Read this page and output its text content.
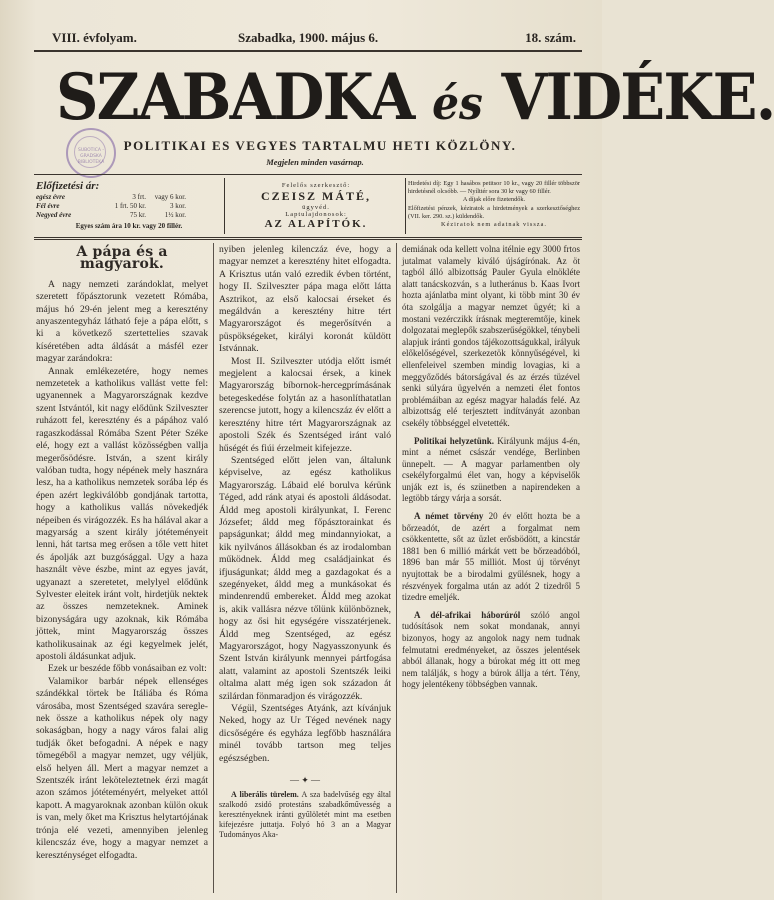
VIII. évfolyam.	Szabadka, 1900. május 6.	18. szám.
SZABADKA és VIDÉKE.
SUBOTICA - GRADSKA BIBLIOTEKA
POLITIKAI ES VEGYES TARTALMU HETI KÖZLÖNY.
Megjelen minden vasárnap.
Előfizetési ár:
egész évre	3 frt.	vagy 6 kor.
Fél évre	1 frt. 50 kr.	3 kor.
Negyed évre	75 kr.	1½ kor.
Egyes szám ára 10 kr. vagy 20 fillér.
Felelős szerkesztő:
CZEISZ MÁTÉ,
ügyvéd.
Laptulajdonosok:
AZ ALAPÍTÓK.
Hirdetési díj: Egy 1 hasábos petitsor 10 kr., vagy 20 fillér többször hirdetésnél olcsóbb. — Nyílttér sora 30 kr vagy 60 fillér.
A díjak előre fizetendők.
Előfizetési pénzek, kéziratok a hirdetmények a szerkesztőséghez (VII. ker. 290. sz.) küldendők.
Kéziratok nem adatnak vissza.
A pápa és a magyarok.

A nagy nemzeti zarándoklat, melyet szeretett főpásztorunk vezetett Rómába, május hó 29-én jelent meg a keresztény anyaszentegyház látható feje a pápa előtt, s ki a következő szertettelies szavak kíséretében adta áldását a másfél ezer magyar zarándokra:

Annak emlékezetére, hogy nemes nemzetetek a katholikus vallást vette fel: ugyanennek a Magyarországnak kezdve szent Istvántól, kit nagy elődünk Szilveszter ruházott fel, keresztény és a pápához való ragaszkodással Rómába Szent Péter Széke elé, hogy ezt a vallást közösségben vallja megerősödésre. István, a szent király valóban tudta, hogy népének mely hasznára lesz, ha a katholikus nemzetek sorába lép és épen azért legkiválóbb gondjának tartotta, hogy a katholikus vallás növekedjék népeiben és virágozzék. Es ha hálával akar a magyarság a szent király jótéteményeit lenni, hát tartsa meg erősen a tőle vett hitet és ápolják azt buzgósággal. Ugy a haza használt vève észbe, mint az egyes javát, ugyanazt a szeretetet, melylyel elődünk Sylvester eleitek iránt volt, hirdetjük nektek az összes nemzeteknek. Aminek bizonyságára ugy azoknak, kik Rómába jöttek, mint Magyarország összes katholikusainak az égi kegyelmek jelét, apostoli áldásunkat adjuk.

Ezek ur beszéde főbb vonásaiban ez volt:

Valamikor barbár népek ellenséges szándékkal törtek be Itáliába és Róma városába, most Szentséged szavára sereglenek össze a katholikus népek oly nagy sokaságban, hogy a nagy város falai alig tudják őket befogadni. A népek e nagy tömegéből a magyar nemzet, ugy véljük, első helyen áll. Mert a magyar nemzet a Szentszék iránt leköteleztetnek érzi magát azon számos jótéteményért, melyeket attól kapott. A magyaroknak azonban külön okuk is van, mely őket ma Krisztus helytartójának trónja elé vezeti, amennyiben jelenleg kilencszáz éve, hogy a magyar nemzet a kereszténységet elfogadta.

nyiben jelenleg kilenczáz éve, hogy a magyar nemzet a keresztény hitet elfogadta. A Krisztus után való ezredik évben történt, hogy II. Szilveszter pápa maga előtt látta Asztrikot, az első kalocsai érseket és megáldván a keresztény hitre tért Magyarországot és megerősítvén a püspökségeket, királyi koronát küldött Istvánnak.

Most II. Szilveszter utódja előtt ismét megjelent a kalocsai érsek, a kinek Magyarország bíbornok-hercegprímásának betegeskedése folytán az a hasonlíthatatlan szerencse jutott, hogy a kilencszáz év előtt a keresztény hitre tért Magyarországnak az apostoli Szék és Szentséged iránt való hűségét és fiúi érzelmeit kifejezze.

Szentséged előtt jelen van, általunk képviselve, az egész katholikus Magyarország. Lábaid elé borulva kérünk Téged, add ránk atyai és apostoli áldásodat. Áldd meg apostoli királyunkat, I. Ferenc Józsefet; áldd meg főpásztorainkat és papságunkat; áldd meg mindannyiokat, a kik nyilvános állásokban és az irodalomban működnek. Áldd meg családjainkat és ifjuságunkat; áldd meg a gazdagokat és a szegényeket, áldd meg a munkásokat és mindenrendű embereket. Áldd meg azokat is, akik vallásra nézve tőlünk különböznek, hogy az ősi hit egységére visszatérjenek. Áldd meg Szentséged, az egész Magyarországot, hogy Nagyasszonyunk és Szent István királyunk mennyei pártfogása alatt, valamint az apostoli Szentszék leiki oltalma alatt még igen sok századon át szilárdan fönmaradjon és virágozzék.

Végül, Szentséges Atyánk, azt kívánjuk Neked, hogy az Ur Téged nevének nagy dicsőségére és egyháza legfőbb használára minél tovább tartson meg teljes egészségben.

— ✦ —

A liberális türelem. A sza badelvűség egy által szalkodó zsidó protestáns szabadkőművesség a keresztényeknek iránti gyűlöletét mint ma esetben kifejezésre juttatja. Folyó hó 3 an a Magyar Tudományos Aka-

demiának oda kellett volna itélnie egy 3000 frtos jutalmat valamely kiváló újságírónak. Az öt tagból álló albizottság Pauler Gyula elnökléte alatt tanácskozván, s a lutheránus b. Kaas Ivort hozta ajánlatba mint olyant, ki több mint 30 év óta szolgálja a magyar nemzet ügyét; ki a mostani vezérczikk írásnak megteremtője, kinek dolgozatai meglepők szabszerűségökkel, ténybeli alapjuk iránti gondos tájékozottságukkal, irályuk előkelőségével, szerkezetök könnyűségével, ki ellenfeleivel szemben mindig lovagias, ki a meggyőződés bátorságával és az érzés tüzével senki súlyára ügyelvén a nemzeti élet fontos problémáiban az egész magyar haladás felé. Az albizottság elé terjesztett indítványát azonban csekély többséggel elvetették.

Politikai helyzetünk. Királyunk május 4-én, mint a német császár vendége, Berlinben ünnepelt. — A magyar parlamentben oly csekélyforgalmú élet van, hogy a képviselők unják ezt is, és szünetben a napirendeken a legtöbb tárgy várja a sorsát.

A német törvény 20 év előtt hozta be a bőrzeadót, de azért a forgalmat nem csökkentette, sőt az üzlet erősbödött, a kincstár 1881 ben 6 millió márkát vett be bőrzeadóból, 1896 ban már 55 milliót. Most új törvényt nyujtottak be a birodalmi gyűlésnek, hogy a részvények forgalma után az adót 2 tizedről 5 tizedre emeljék.

A dél-afrikai háborúról szóló angol tudósítások nem sokat mondanak, annyi bizonyos, hogy az angolok nagy nem tudnak felmutatni eredményeket, az összes jelentések abból állanak, hogy a búrokat még itt ott meg nem találják, s hogy a búrok állja a tért. Tény, hogy jelentékeny többségben vannak.
